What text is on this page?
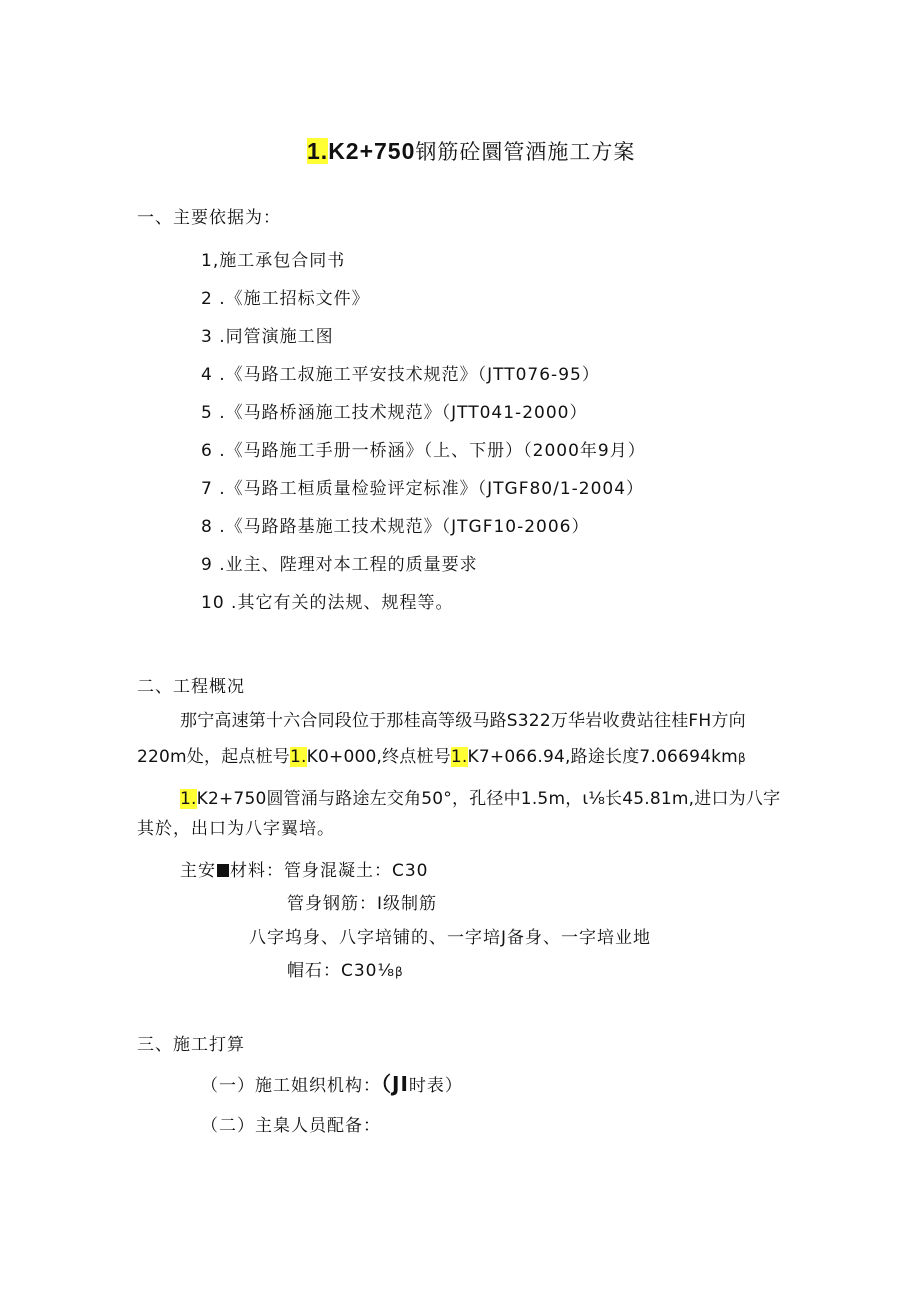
1.K2+750钢筋砼圜管酒施工方案
一、主要依据为：
1,施工承包合同书
2 .《施工招标文件》
3 .同管演施工图
4 .《马路工叔施工平安技术规范》（JTT076-95）
5 .《马路桥涵施工技术规范》（JTT041-2000）
6 .《马路施工手册一桥涵》（上、下册）（2000年9月）
7 .《马路工桓质量检验评定标准》（JTGF80/1-2004）
8 .《马路路基施工技术规范》（JTGF10-2006）
9 .业主、陛理对本工程的质量要求
10 .其它有关的法规、规程等。
二、工程概况
那宁高速第十六合同段位于那桂高等级马路S322万华岩收费站往桂FH方向
220m处，起点桩号1.K0+000,终点桩号1.K7+066.94,路途长度7.06694kmβ
1.K2+750圆管涌与路途左交角50°，孔径中1.5m，ι⅛长45.81m,进口为八字
其於，出口为八字翼培。
主安 材料：管身混凝土：C30
管身钢筋：Ⅰ级制筋
八字坞身、八字培铺的、一字培J备身、一字培业地
帽石：C30⅛β
三、施工打算
（一）施工姐织机构：（JI时表）
（二）主臬人员配备：
